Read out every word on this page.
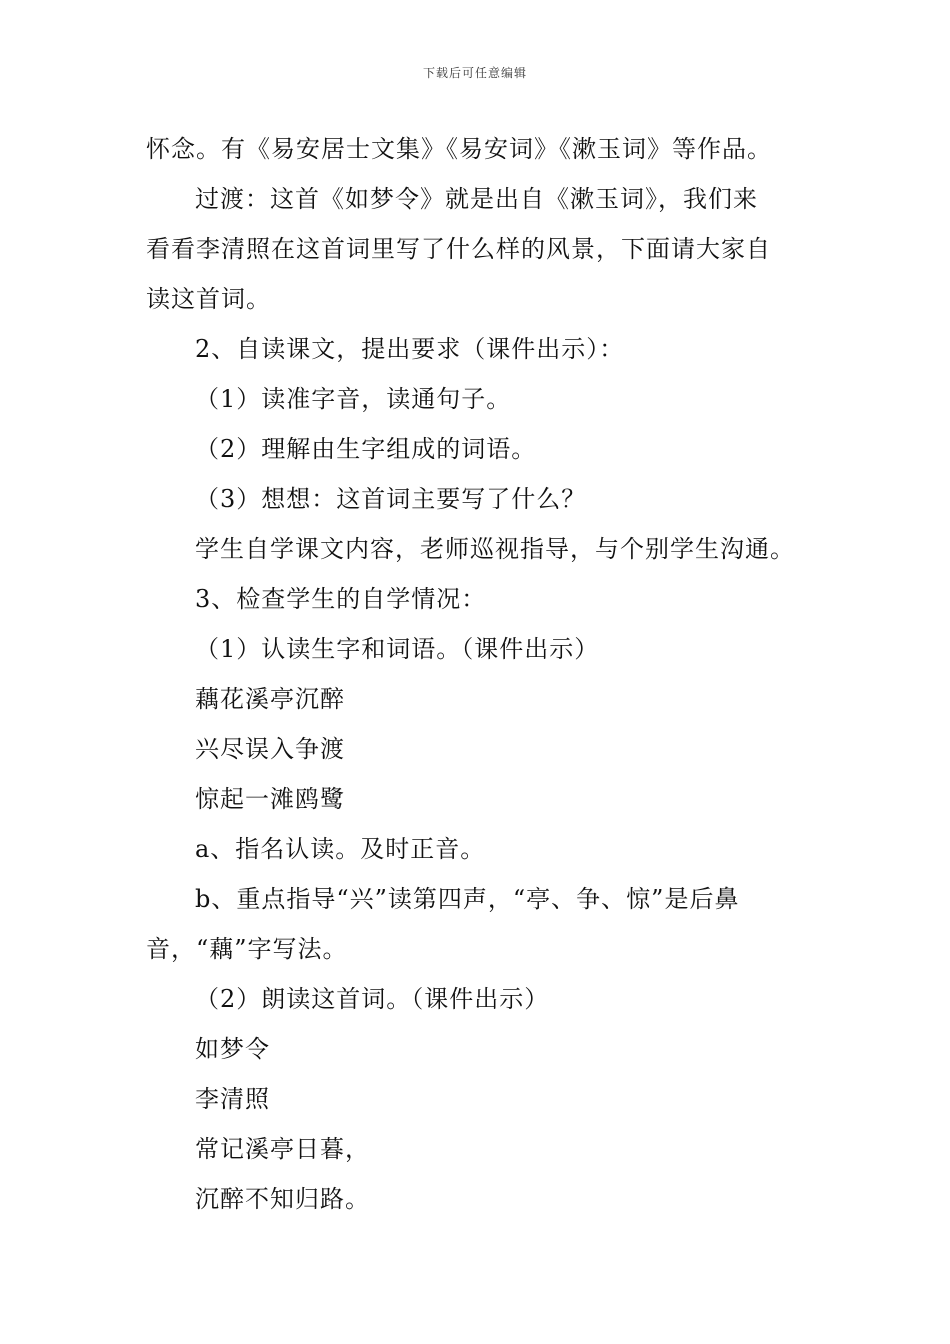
下载后可任意编辑
怀念。有《易安居士文集》《易安词》《漱玉词》等作品。
过渡：这首《如梦令》就是出自《漱玉词》，我们来
看看李清照在这首词里写了什么样的风景，下面请大家自
读这首词。
2、自读课文，提出要求（课件出示）：
（1）读准字音，读通句子。
（2）理解由生字组成的词语。
（3）想想：这首词主要写了什么？
学生自学课文内容，老师巡视指导，与个别学生沟通。
3、检查学生的自学情况：
（1）认读生字和词语。（课件出示）
藕花溪亭沉醉
兴尽误入争渡
惊起一滩鸥鹭
a、指名认读。及时正音。
b、重点指导“兴”读第四声，“亭、争、惊”是后鼻
音，“藕”字写法。
（2）朗读这首词。（课件出示）
如梦令
李清照
常记溪亭日暮，
沉醉不知归路。
